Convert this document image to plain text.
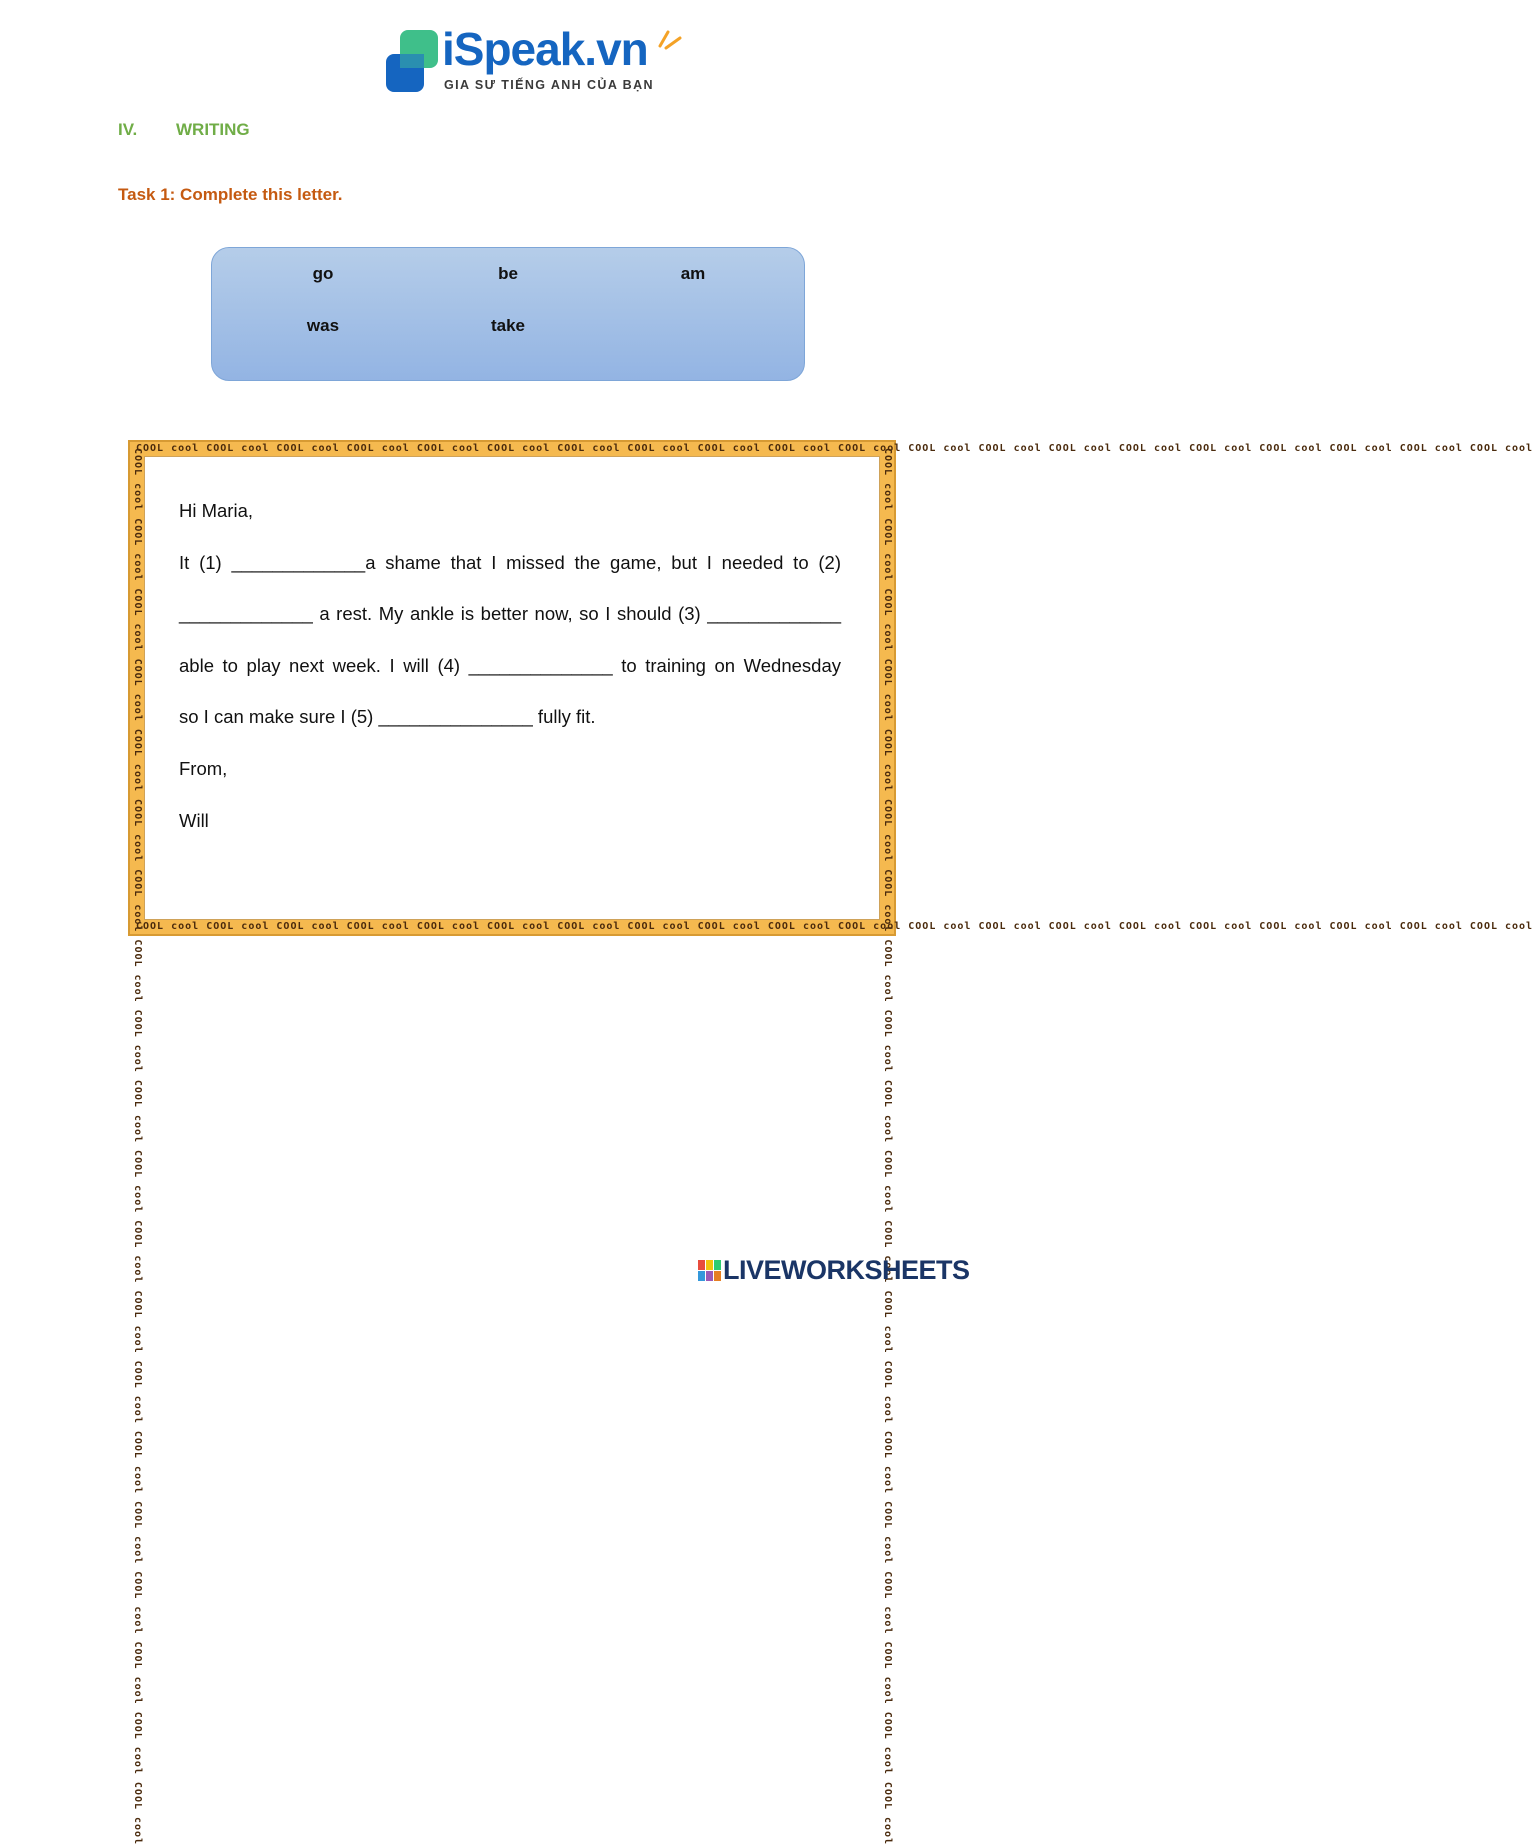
iSpeak.vn
GIA SƯ TIẾNG ANH CỦA BẠN
IV. WRITING
Task 1: Complete this letter.
go	be	am
was	take
COOL cool COOL cool COOL cool COOL cool COOL cool COOL cool COOL cool COOL cool COOL cool COOL cool COOL cool COOL cool COOL cool COOL cool COOL cool COOL cool COOL cool COOL cool COOL cool COOL cool
COOL cool COOL cool COOL cool COOL cool COOL cool COOL cool COOL cool COOL cool COOL cool COOL cool COOL cool COOL cool COOL cool COOL cool COOL cool COOL cool COOL cool COOL cool COOL cool COOL cool
COOL cool COOL cool COOL cool COOL cool COOL cool COOL cool COOL cool COOL cool COOL cool COOL cool COOL cool COOL cool COOL cool COOL cool COOL cool COOL cool COOL cool COOL cool COOL cool COOL cool	COOL cool COOL cool COOL cool COOL cool COOL cool COOL cool COOL cool COOL cool COOL cool COOL cool COOL cool COOL cool COOL cool COOL cool COOL cool COOL cool COOL cool COOL cool COOL cool COOL cool
Hi Maria,
It (1) _____________a shame that I missed the game, but I needed to (2)
_____________ a rest. My ankle is better now, so I should (3) _____________
able to play next week. I will (4) ______________ to training on Wednesday
so I can make sure I (5) _______________ fully fit.
From,
Will
LIVEWORKSHEETS
